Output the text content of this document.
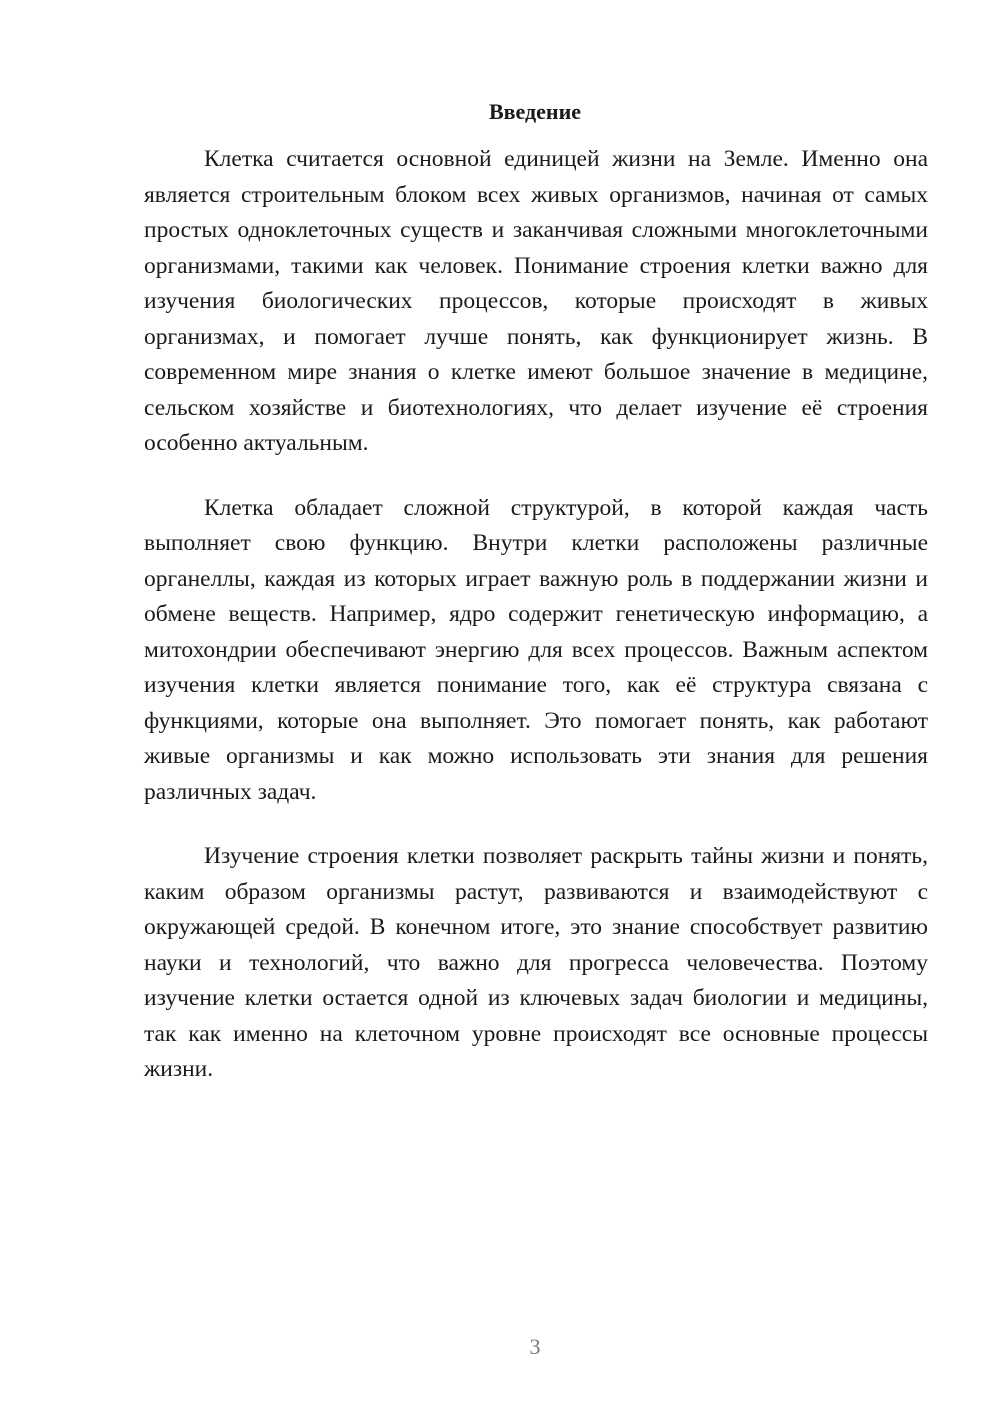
Введение

Клетка считается основной единицей жизни на Земле. Именно она является строительным блоком всех живых организмов, начиная от самых простых одноклеточных существ и заканчивая сложными многоклеточными организмами, такими как человек. Понимание строения клетки важно для изучения биологических процессов, которые происходят в живых организмах, и помогает лучше понять, как функционирует жизнь. В современном мире знания о клетке имеют большое значение в медицине, сельском хозяйстве и биотехнологиях, что делает изучение её строения особенно актуальным.

Клетка обладает сложной структурой, в которой каждая часть выполняет свою функцию. Внутри клетки расположены различные органеллы, каждая из которых играет важную роль в поддержании жизни и обмене веществ. Например, ядро содержит генетическую информацию, а митохондрии обеспечивают энергию для всех процессов. Важным аспектом изучения клетки является понимание того, как её структура связана с функциями, которые она выполняет. Это помогает понять, как работают живые организмы и как можно использовать эти знания для решения различных задач.

Изучение строения клетки позволяет раскрыть тайны жизни и понять, каким образом организмы растут, развиваются и взаимодействуют с окружающей средой. В конечном итоге, это знание способствует развитию науки и технологий, что важно для прогресса человечества. Поэтому изучение клетки остается одной из ключевых задач биологии и медицины, так как именно на клеточном уровне происходят все основные процессы жизни.

3
